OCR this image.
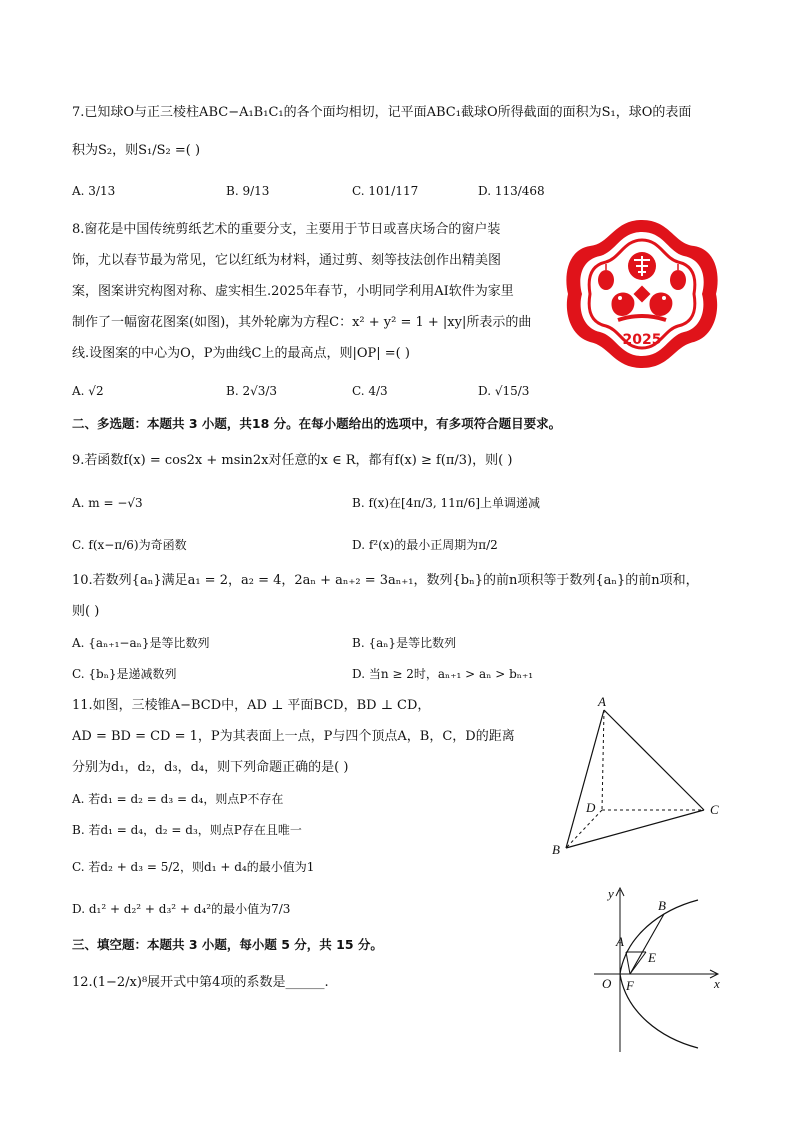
7.已知球O与正三棱柱ABC−A₁B₁C₁的各个面均相切，记平面ABC₁截球O所得截面的面积为S₁，球O的表面
积为S₂，则S₁/S₂ =( )
A. 3/13	B. 9/13	C. 101/117	D. 113/468
8.窗花是中国传统剪纸艺术的重要分支，主要用于节日或喜庆场合的窗户装
饰，尤以春节最为常见，它以红纸为材料，通过剪、刻等技法创作出精美图
案，图案讲究构图对称、虚实相生.2025年春节，小明同学利用AI软件为家里
制作了一幅窗花图案(如图)，其外轮廓为方程C：x² + y² = 1 + |xy|所表示的曲
线.设图案的中心为O，P为曲线C上的最高点，则|OP| =( )
A. √2	B. 2√3/3	C. 4/3	D. √15/3
2025
二、多选题：本题共 3 小题，共18 分。在每小题给出的选项中，有多项符合题目要求。
9.若函数f(x) = cos2x + msin2x对任意的x ∈ R，都有f(x) ≥ f(π/3)，则( )
A. m = −√3	B. f(x)在[4π/3, 11π/6]上单调递减
C. f(x−π/6)为奇函数	D. f²(x)的最小正周期为π/2
10.若数列{aₙ}满足a₁ = 2，a₂ = 4，2aₙ + aₙ₊₂ = 3aₙ₊₁，数列{bₙ}的前n项积等于数列{aₙ}的前n项和，
则( )
A. {aₙ₊₁−aₙ}是等比数列	B. {aₙ}是等比数列
C. {bₙ}是递减数列	D. 当n ≥ 2时，aₙ₊₁ > aₙ > bₙ₊₁
11.如图，三棱锥A−BCD中，AD ⊥ 平面BCD，BD ⊥ CD，
AD = BD = CD = 1，P为其表面上一点，P与四个顶点A，B，C，D的距离
分别为d₁，d₂，d₃，d₄，则下列命题正确的是( )
A. 若d₁ = d₂ = d₃ = d₄，则点P不存在
B. 若d₁ = d₄，d₂ = d₃，则点P存在且唯一
C. 若d₂ + d₃ = 5/2，则d₁ + d₄的最小值为1
D. d₁² + d₂² + d₃² + d₄²的最小值为7/3
A
B
C
D
三、填空题：本题共 3 小题，每小题 5 分，共 15 分。
12.(1−2/x)⁸展开式中第4项的系数是______.
y
x
O F
A
B
E
